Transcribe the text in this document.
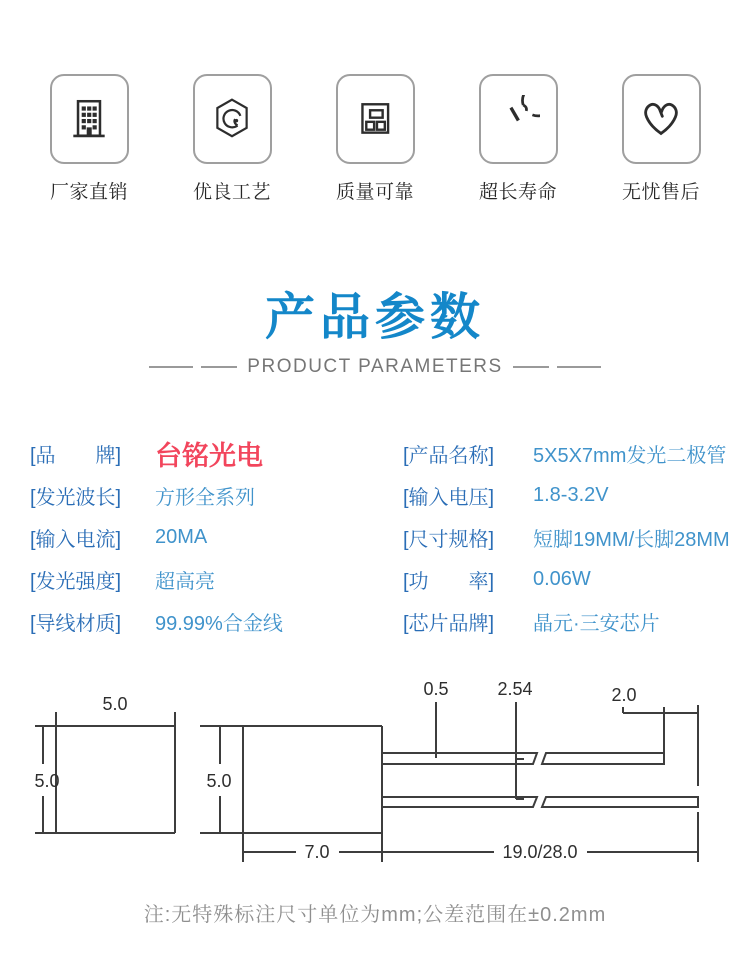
厂家直销	优良工艺	质量可靠	超长寿命	无忧售后
产品参数
PRODUCT PARAMETERS
[品　　牌]	台铭光电
[发光波长]	方形全系列
[输入电流]	20MA
[发光强度]	超高亮
[导线材质]	99.99%合金线
[产品名称]	5X5X7mm发光二极管
[输入电压]	1.8-3.2V
[尺寸规格]	短脚19MM/长脚28MM
[功　　率]	0.06W
[芯片品牌]	晶元·三安芯片
5.0
5.0	5.0
0.5	2.54	2.0
7.0	19.0/28.0
注:无特殊标注尺寸单位为mm;公差范围在±0.2mm
